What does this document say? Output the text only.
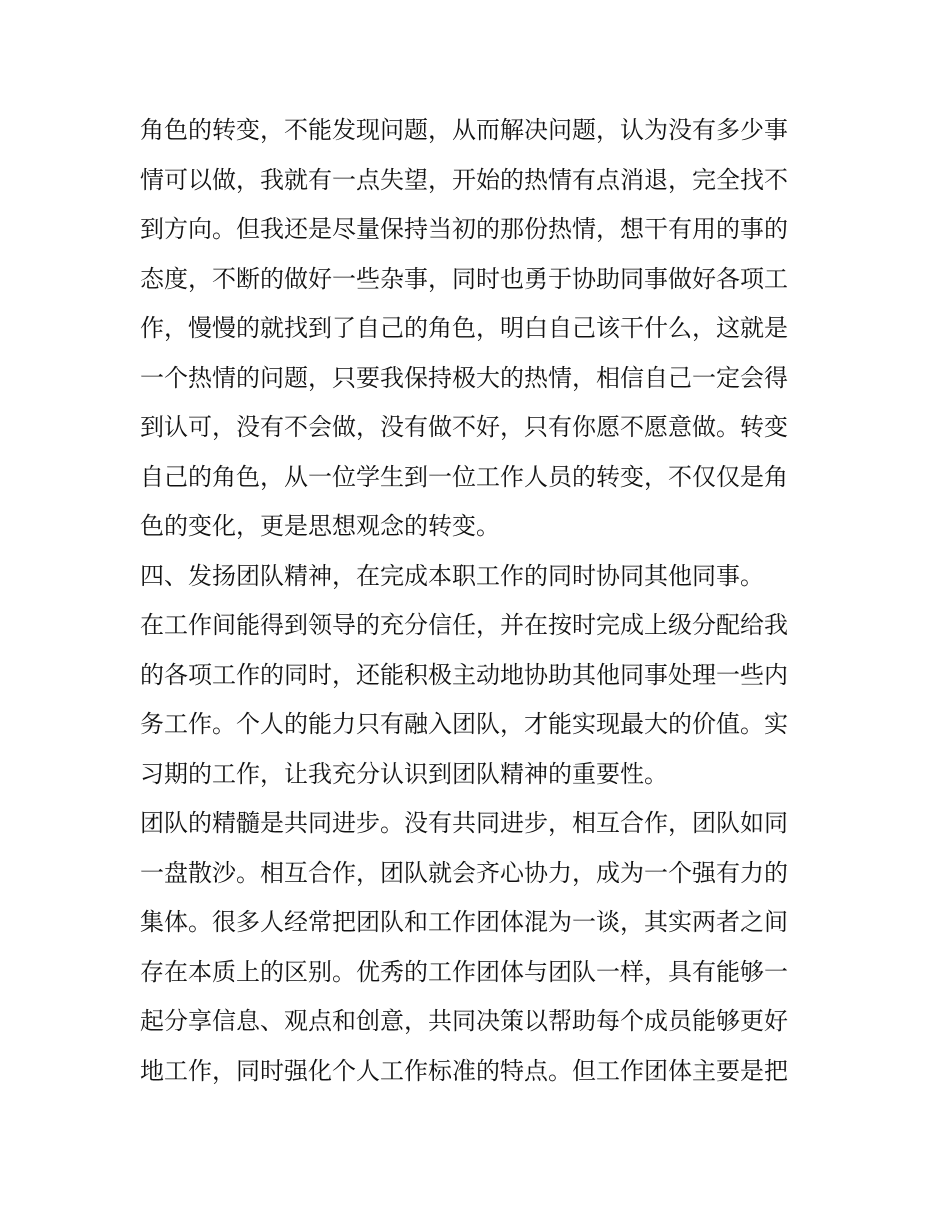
角色的转变，不能发现问题，从而解决问题，认为没有多少事
情可以做，我就有一点失望，开始的热情有点消退，完全找不
到方向。但我还是尽量保持当初的那份热情，想干有用的事的
态度，不断的做好一些杂事，同时也勇于协助同事做好各项工
作，慢慢的就找到了自己的角色，明白自己该干什么，这就是
一个热情的问题，只要我保持极大的热情，相信自己一定会得
到认可，没有不会做，没有做不好，只有你愿不愿意做。转变
自己的角色，从一位学生到一位工作人员的转变，不仅仅是角
色的变化，更是思想观念的转变。
四、发扬团队精神，在完成本职工作的同时协同其他同事。
在工作间能得到领导的充分信任，并在按时完成上级分配给我
的各项工作的同时，还能积极主动地协助其他同事处理一些内
务工作。个人的能力只有融入团队，才能实现最大的价值。实
习期的工作，让我充分认识到团队精神的重要性。
团队的精髓是共同进步。没有共同进步，相互合作，团队如同
一盘散沙。相互合作，团队就会齐心协力，成为一个强有力的
集体。很多人经常把团队和工作团体混为一谈，其实两者之间
存在本质上的区别。优秀的工作团体与团队一样，具有能够一
起分享信息、观点和创意，共同决策以帮助每个成员能够更好
地工作，同时强化个人工作标准的特点。但工作团体主要是把
